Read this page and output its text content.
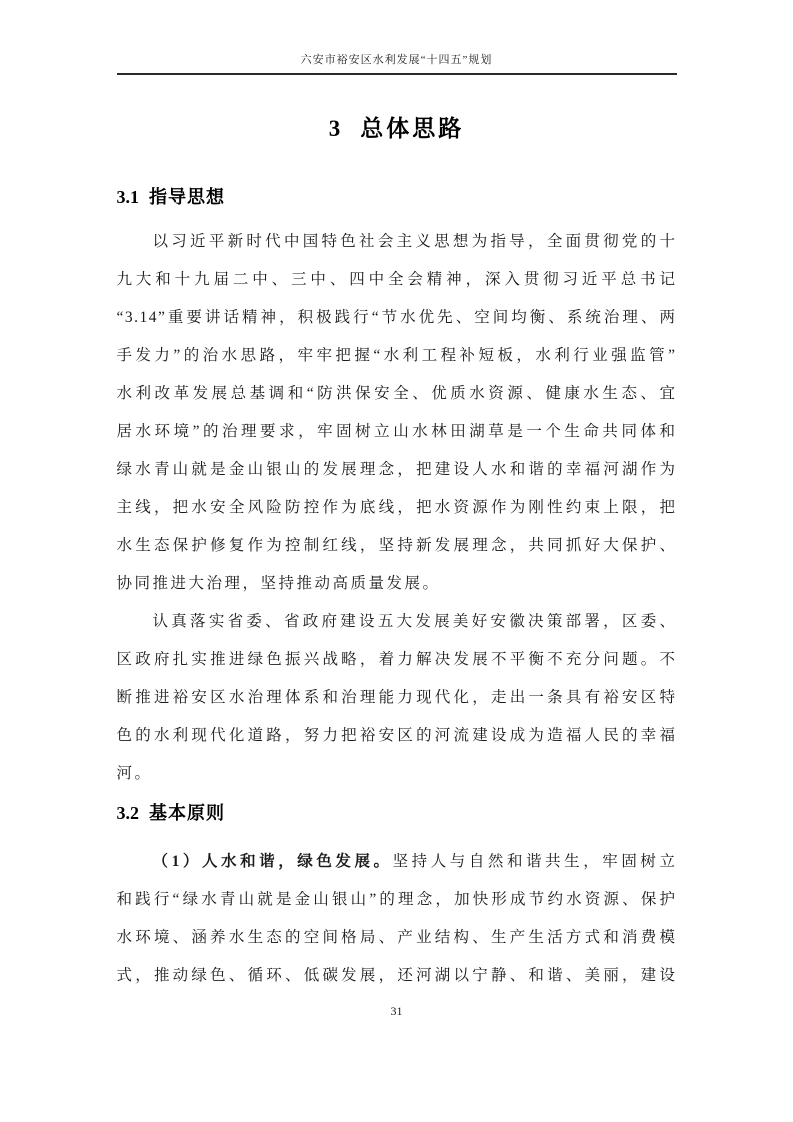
六安市裕安区水利发展“十四五”规划
3 总体思路
3.1 指导思想
以习近平新时代中国特色社会主义思想为指导，全面贯彻党的十
九大和十九届二中、三中、四中全会精神，深入贯彻习近平总书记
“3.14”重要讲话精神，积极践行“节水优先、空间均衡、系统治理、两
手发力”的治水思路，牢牢把握“水利工程补短板，水利行业强监管”
水利改革发展总基调和“防洪保安全、优质水资源、健康水生态、宜
居水环境”的治理要求，牢固树立山水林田湖草是一个生命共同体和
绿水青山就是金山银山的发展理念，把建设人水和谐的幸福河湖作为
主线，把水安全风险防控作为底线，把水资源作为刚性约束上限，把
水生态保护修复作为控制红线，坚持新发展理念，共同抓好大保护、
协同推进大治理，坚持推动高质量发展。
认真落实省委、省政府建设五大发展美好安徽决策部署，区委、
区政府扎实推进绿色振兴战略，着力解决发展不平衡不充分问题。不
断推进裕安区水治理体系和治理能力现代化，走出一条具有裕安区特
色的水利现代化道路，努力把裕安区的河流建设成为造福人民的幸福
河。
3.2 基本原则
（1）人水和谐，绿色发展。坚持人与自然和谐共生，牢固树立
和践行“绿水青山就是金山银山”的理念，加快形成节约水资源、保护
水环境、涵养水生态的空间格局、产业结构、生产生活方式和消费模
式，推动绿色、循环、低碳发展，还河湖以宁静、和谐、美丽，建设
31
